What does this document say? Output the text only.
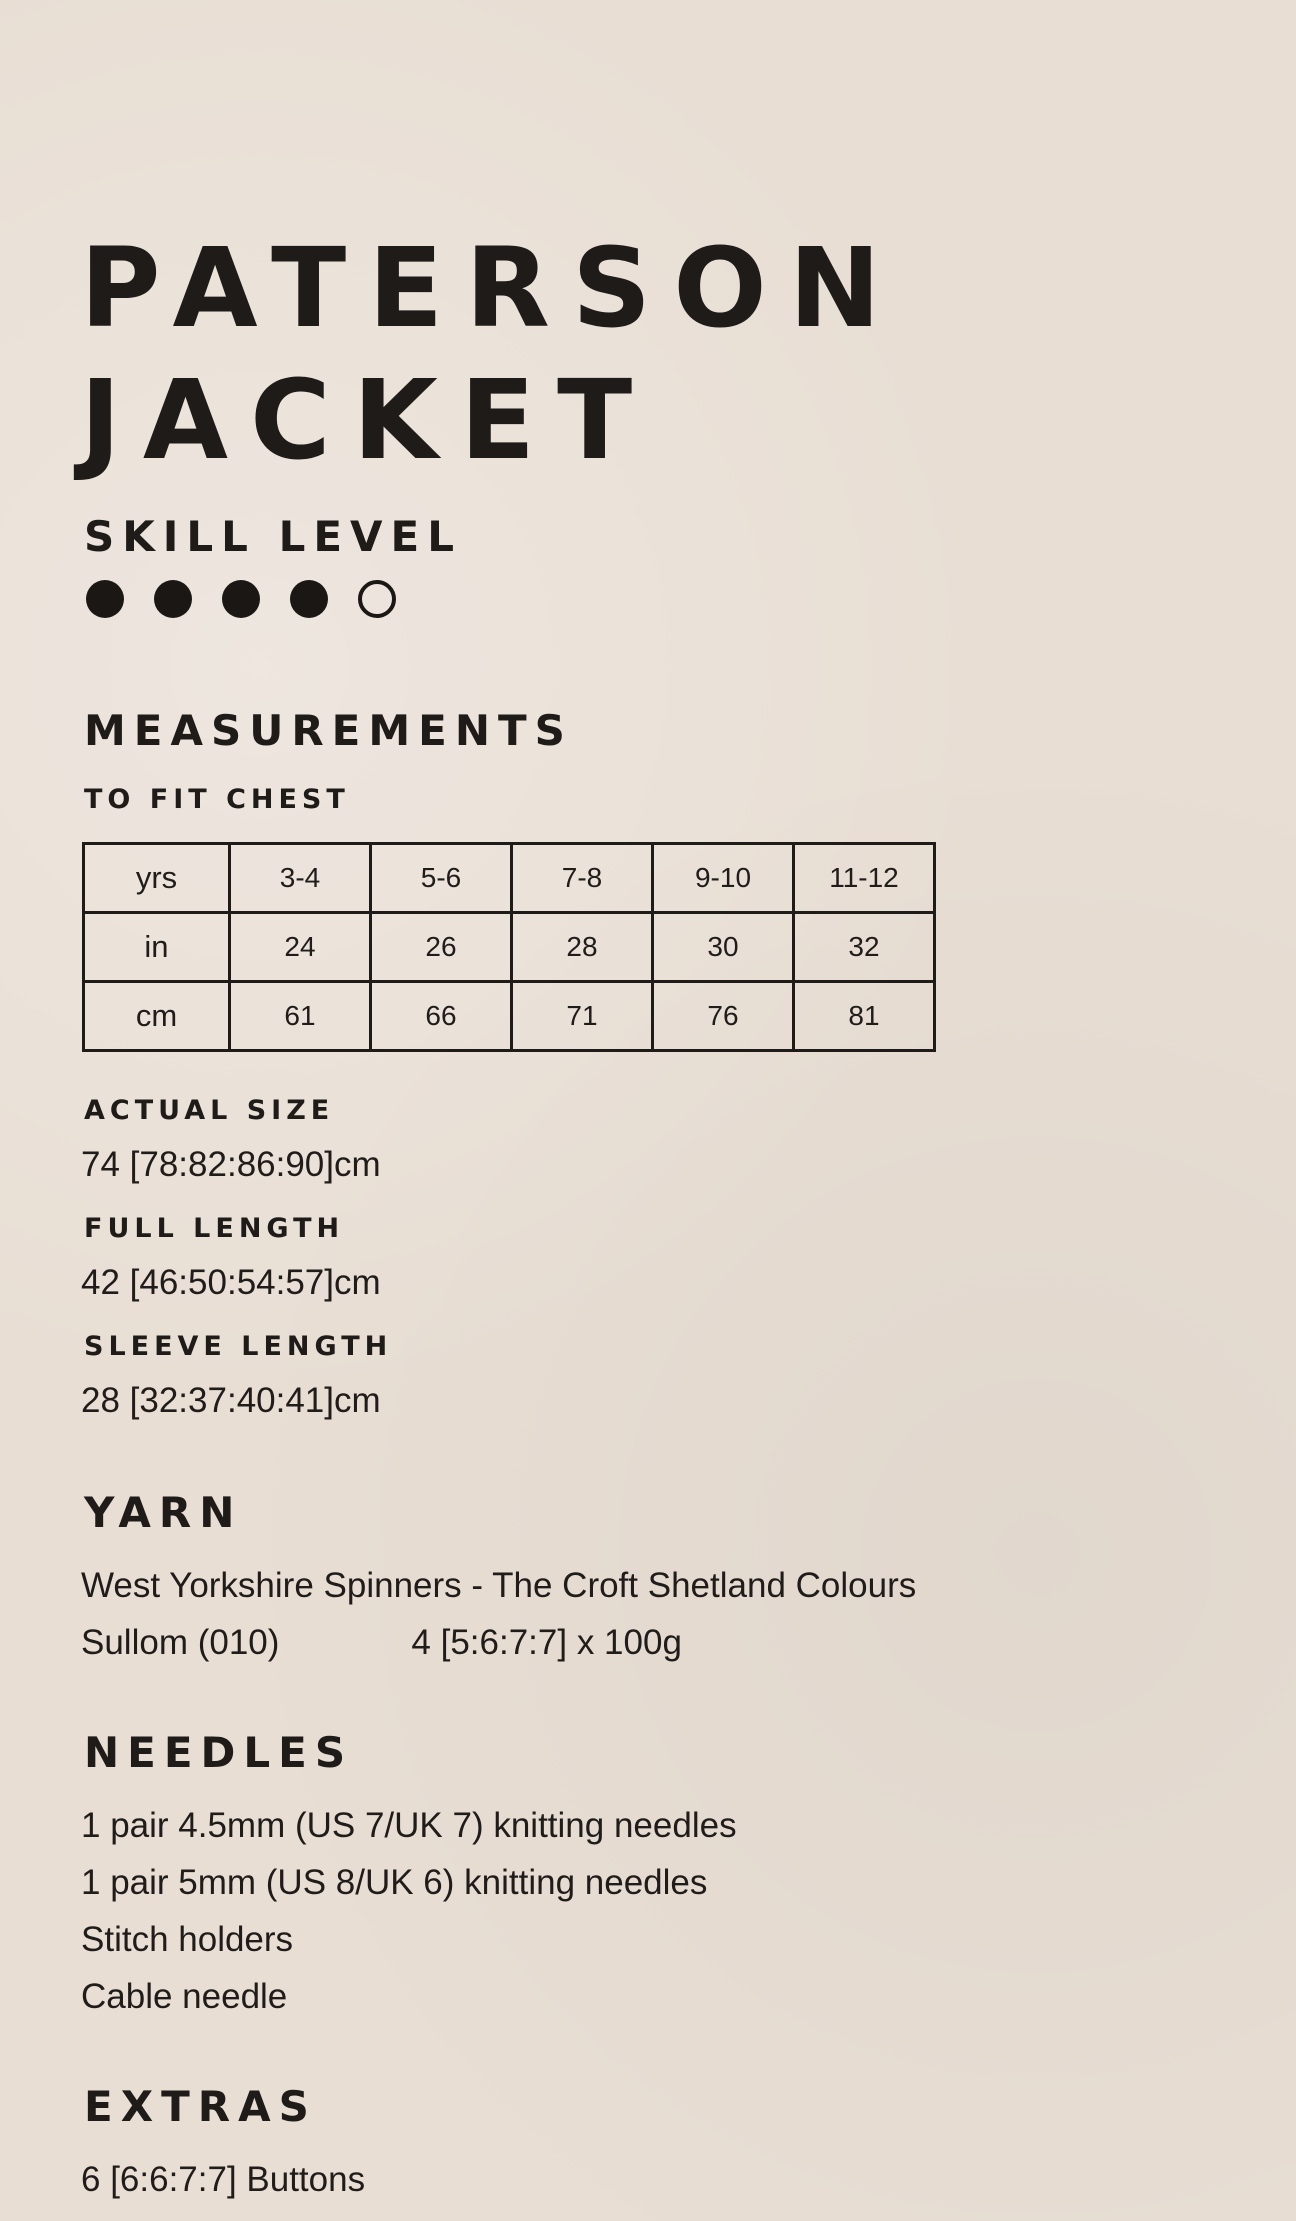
PATERSON
JACKET
SKILL LEVEL
MEASUREMENTS
TO FIT CHEST
yrs	3-4	5-6	7-8	9-10	11-12
in	24	26	28	30	32
cm	61	66	71	76	81
ACTUAL SIZE

74 [78:82:86:90]cm

FULL LENGTH

42 [46:50:54:57]cm

SLEEVE LENGTH

28 [32:37:40:41]cm

YARN

West Yorkshire Spinners - The Croft Shetland Colours

Sullom (010)	4 [5:6:7:7] x 100g

NEEDLES

1 pair 4.5mm (US 7/UK 7) knitting needles

1 pair 5mm (US 8/UK 6) knitting needles

Stitch holders

Cable needle

EXTRAS

6 [6:6:7:7] Buttons
